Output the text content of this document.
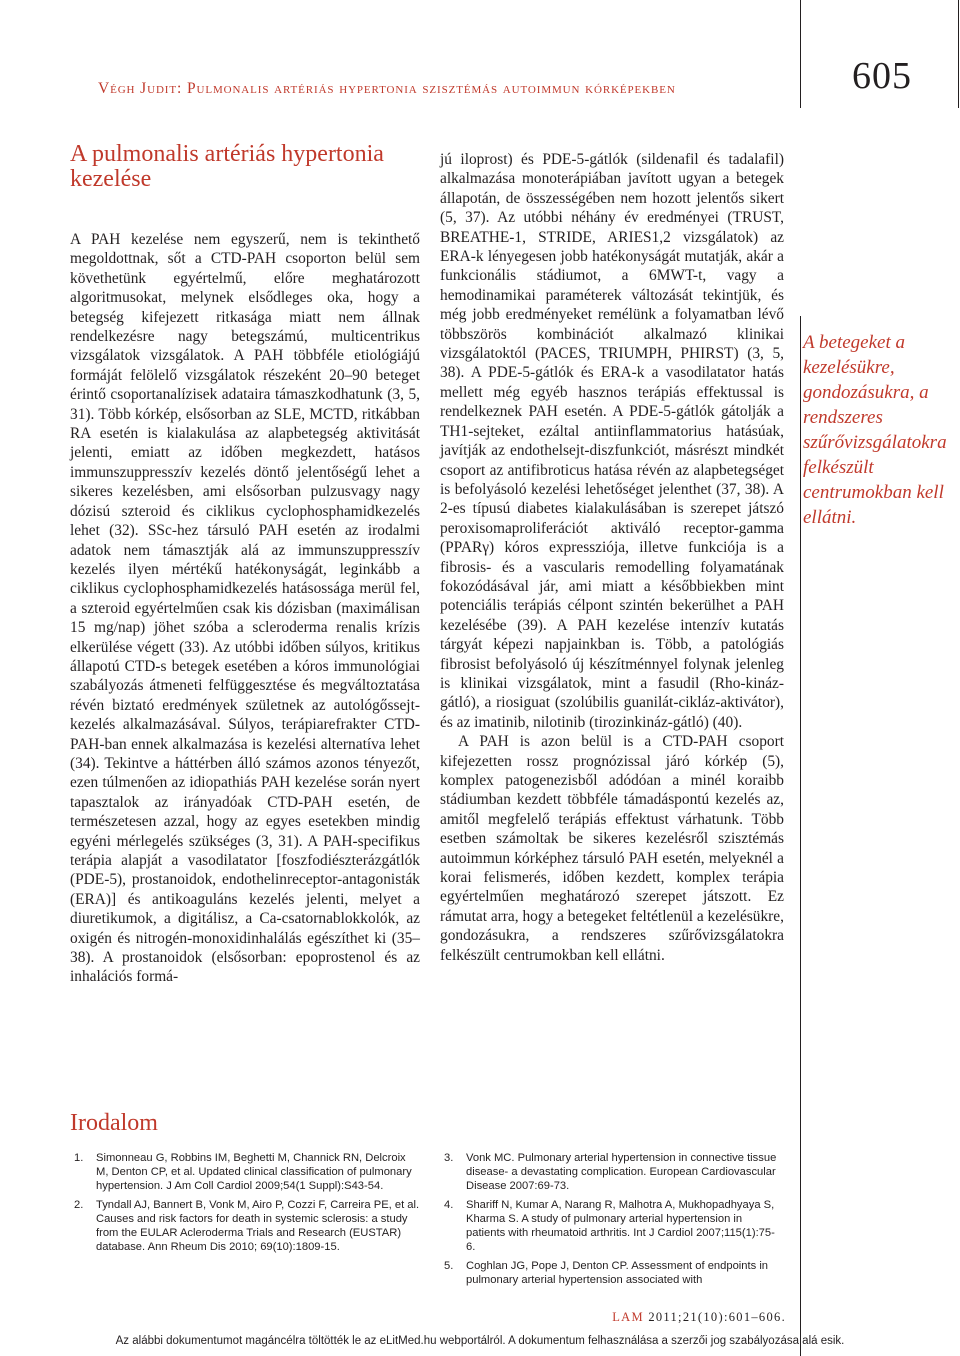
Végh Judit: Pulmonalis artériás hypertonia szisztémás autoimmun kórképekben	605
A pulmonalis artériás hypertonia kezelése

A PAH kezelése nem egyszerű, nem is tekinthető megoldottnak, sőt a CTD-PAH csoporton belül sem követhetünk egyértelmű, előre meghatározott algoritmusokat, melynek elsődleges oka, hogy a betegség kifejezett ritkasága miatt nem állnak rendelkezésre nagy betegszámú, multicentrikus vizsgálatok vizsgálatok. A PAH többféle etiológiájú formáját felölelő vizsgálatok részeként 20–90 beteget érintő csoportanalízisek adataira támaszkodhatunk (3, 5, 31). Több kórkép, elsősorban az SLE, MCTD, ritkábban RA esetén is kialakulása az alapbetegség aktivitását jelenti, emiatt az időben megkezdett, hatásos immunszuppresszív kezelés döntő jelentőségű lehet a sikeres kezelésben, ami elsősorban pulzusvagy nagy dózisú szteroid és ciklikus cyclophosphamidkezelés lehet (32). SSc-hez társuló PAH esetén az irodalmi adatok nem támasztják alá az immunszuppresszív kezelés ilyen mértékű hatékonyságát, leginkább a ciklikus cyclophosphamidkezelés hatásossága merül fel, a szteroid egyértelműen csak kis dózisban (maximálisan 15 mg/nap) jöhet szóba a scleroderma renalis krízis elkerülése végett (33). Az utóbbi időben súlyos, kritikus állapotú CTD-s betegek esetében a kóros immunológiai szabályozás átmeneti felfüggesztése és megváltoztatása révén biztató eredmények születnek az autológőssejt-kezelés alkalmazásával. Súlyos, terápiarefrakter CTD-PAH-ban ennek alkalmazása is kezelési alternatíva lehet (34). Tekintve a háttérben álló számos azonos tényezőt, ezen túlmenően az idiopathiás PAH kezelése során nyert tapasztalok az irányadóak CTD-PAH esetén, de természetesen azzal, hogy az egyes esetekben mindig egyéni mérlegelés szükséges (3, 31). A PAH-specifikus terápia alapját a vasodilatator [foszfodiészterázgátlók (PDE-5), prostanoidok, endothelinreceptor-antagonisták (ERA)] és antikoaguláns kezelés jelenti, melyet a diuretikumok, a digitálisz, a Ca-csatornablokkolók, az oxigén és nitrogén-monoxidinhalálás egészíthet ki (35–38). A prostanoidok (elsősorban: epoprostenol és az inhalációs formá-

jú iloprost) és PDE-5-gátlók (sildenafil és tadalafil) alkalmazása monoterápiában javított ugyan a betegek állapotán, de összességében nem hozott jelentős sikert (5, 37). Az utóbbi néhány év eredményei (TRUST, BREATHE-1, STRIDE, ARIES1,2 vizsgálatok) az ERA-k lényegesen jobb hatékonyságát mutatják, akár a funkcionális stádiumot, a 6MWT-t, vagy a hemodinamikai paraméterek változását tekintjük, és még jobb eredményeket remélünk a folyamatban lévő többszörös kombinációt alkalmazó klinikai vizsgálatoktól (PACES, TRIUMPH, PHIRST) (3, 5, 38). A PDE-5-gátlók és ERA-k a vasodilatator hatás mellett még egyéb hasznos terápiás effektussal is rendelkeznek PAH esetén. A PDE-5-gátlók gátolják a TH1-sejteket, ezáltal antiinflammatorius hatásúak, javítják az endothelsejt-diszfunkciót, másrészt mindkét csoport az antifibroticus hatása révén az alapbetegséget is befolyásoló kezelési lehetőséget jelenthet (37, 38). A 2-es típusú diabetes kialakulásában is szerepet játszó peroxisomaproliferációt aktiváló receptor-gamma (PPARγ) kóros expressziója, illetve funkciója is a fibrosis- és a vascularis remodelling folyamatának fokozódásával jár, ami miatt a későbbiekben mint potenciális terápiás célpont szintén bekerülhet a PAH kezelésébe (39). A PAH kezelése intenzív kutatás tárgyát képezi napjainkban is. Több, a patológiás fibrosist befolyásoló új készítménnyel folynak jelenleg is klinikai vizsgálatok, mint a fasudil (Rho-kináz-gátló), a riosiguat (szolúbilis guanilát-cikláz-aktivátor), és az imatinib, nilotinib (tirozinkináz-gátló) (40).

A PAH is azon belül is a CTD-PAH csoport kifejezetten rossz prognózissal járó kórkép (5), komplex patogenezisből adódóan a minél koraibb stádiumban kezdett többféle támadáspontú kezelés az, amitől megfelelő terápiás effektust várhatunk. Több esetben számoltak be sikeres kezelésről szisztémás autoimmun kórképhez társuló PAH esetén, melyeknél a korai felismerés, időben kezdett, komplex terápia egyértelműen meghatározó szerepet játszott. Ez rámutat arra, hogy a betegeket feltétlenül a kezelésükre, gondozásukra, a rendszeres szűrővizsgálatokra felkészült centrumokban kell ellátni.

A betegeket a kezelésükre, gondozásukra, a rendszeres szűrővizsgálatokra felkészült centrumokban kell ellátni.
Irodalom
1. Simonneau G, Robbins IM, Beghetti M, Channick RN, Delcroix M, Denton CP, et al. Updated clinical classification of pulmonary hypertension. J Am Coll Cardiol 2009;54(1 Suppl):S43-54.
2. Tyndall AJ, Bannert B, Vonk M, Airo P, Cozzi F, Carreira PE, et al. Causes and risk factors for death in systemic sclerosis: a study from the EULAR Acleroderma Trials and Research (EUSTAR) database. Ann Rheum Dis 2010; 69(10):1809-15.
3. Vonk MC. Pulmonary arterial hypertension in connective tissue disease- a devastating complication. European Cardiovascular Disease 2007:69-73.
4. Shariff N, Kumar A, Narang R, Malhotra A, Mukhopadhyaya S, Kharma S. A study of pulmonary arterial hypertension in patients with rheumatoid arthritis. Int J Cardiol 2007;115(1):75-6.
5. Coghlan JG, Pope J, Denton CP. Assessment of endpoints in pulmonary arterial hypertension associated with
LAM 2011;21(10):601–606.
Az alábbi dokumentumot magáncélra töltötték le az eLitMed.hu webportálról. A dokumentum felhasználása a szerzői jog szabályozása alá esik.
